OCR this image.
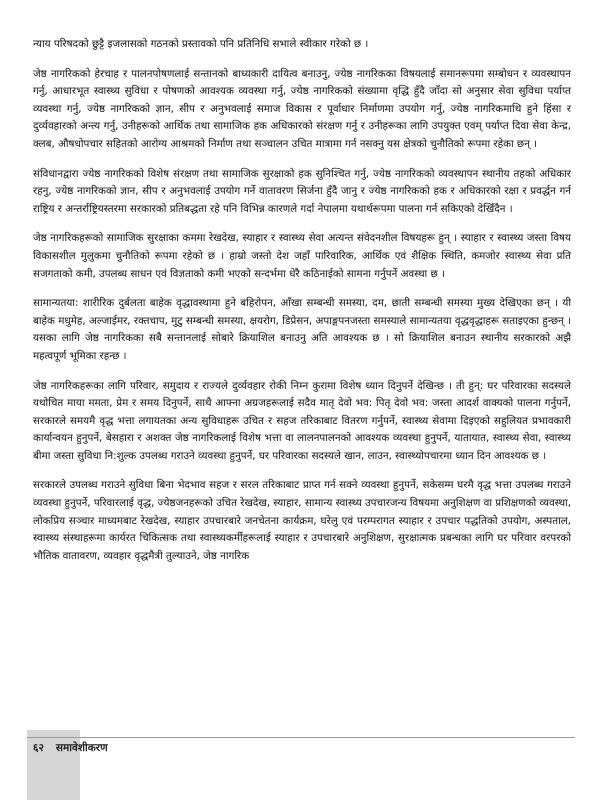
न्याय परिषदको छुट्टै इजलासको गठनको प्रस्तावको पनि प्रतिनिधि सभाले स्वीकार गरेको छ ।

जेष्ठ नागरिकको हेरचाह र पालनपोषणलाई सन्तानको बाध्यकारी दायित्व बनाउनु, ज्येष्ठ नागरिकका विषयलाई समानरूपमा सम्बोधन र व्यवस्थापन गर्नु, आधारभूत स्वास्थ्य सुविधा र पोषणको आवश्यक व्यवस्था गर्नु, ज्येष्ठ नागरिकको संख्यामा वृद्धि हुँदै जाँदा सो अनुसार सेवा सुविधा पर्याप्त व्यवस्था गर्नु, ज्येष्ठ नागरिकको ज्ञान, सीप र अनुभवलाई समाज विकास र पूर्वाधार निर्माणमा उपयोग गर्नु, ज्येष्ठ नागरिकमाथि हुने हिंसा र दुर्व्यवहारको अन्त्य गर्नु, उनीहरूको आर्थिक तथा सामाजिक हक अधिकारको संरक्षण गर्नु र उनीहरूका लागि उपयुक्त एवम् पर्याप्त दिवा सेवा केन्द्र, क्लब, औषधोपचार सहितको आरोग्य आश्रमको निर्माण तथा सञ्चालन उचित मात्रामा गर्न नसक्नु यस क्षेत्रको चुनौतिको रूपमा रहेका छन् ।

संविधानद्वारा ज्येष्ठ नागरिकको विशेष संरक्षण तथा सामाजिक सुरक्षाको हक सुनिश्चित गर्नु, ज्येष्ठ नागरिकको व्यवस्थापन स्थानीय तहको अधिकार रहनु, ज्येष्ठ नागरिकको ज्ञान, सीप र अनुभवलाई उपयोग गर्ने वातावरण सिर्जना हुँदै जानु र ज्येष्ठ नागरिकको हक र अधिकारको रक्षा र प्रवर्द्धन गर्न राष्ट्रिय र अन्तर्राष्ट्रियस्तरमा सरकारको प्रतिबद्धता रहे पनि विभिन्न कारणले गर्दा नेपालमा यथार्थरूपमा पालना गर्न सकिएको देखिँदैन ।

जेष्ठ नागरिकहरूको सामाजिक सुरक्षाका कममा रेखदेख, स्याहार र स्वास्थ्य सेवा अत्यन्त संवेदनशील विषयहरू हुन् । स्याहार र स्वास्थ्य जस्ता विषय विकासशील मुलुकमा चुनौतिको रूपमा रहेको छ । हाम्रो जस्तो देश जहाँ पारिवारिक, आर्थिक एवं शैक्षिक स्थिति, कमजोर स्वास्थ्य सेवा प्रति सजगताको कमी, उपलब्ध साधन एवं विज्ञताको कमी भएको सन्दर्भमा धेरै कठिनाईको सामना गर्नुपर्ने अवस्था छ ।

सामान्यतया: शारीरिक दुर्बलता बाहेक वृद्धावस्थामा हुने बहिरोपन, आँखा सम्बन्धी समस्या, दम, छाती सम्बन्धी समस्या मुख्य देखिएका छन् । यी बाहेक मधुमेह, अल्जाईमर, रक्तचाप, मुटु सम्बन्धी समस्या, क्षयरोग, डिप्रेसन, अपाङ्गपनजस्ता समस्याले सामान्यतया वृद्धवृद्धाहरू सताइएका हुन्छन् । यसका लागि जेष्ठ नागरिकका सबै सन्तानलाई सोबारे क्रियाशिल बनाउनु अति आवश्यक छ । सो क्रियाशिल बनाउन स्थानीय सरकारको अझै महत्वपूर्ण भूमिका रहन्छ ।

जेष्ठ नागरिकहरूका लागि परिवार, समुदाय र राज्यले दुर्व्यवहार रोकी निम्न कुरामा विशेष ध्यान दिनुपर्ने देखिन्छ । ती हुन्: घर परिवारका सदस्यले यथोचित माया ममता, प्रेम र समय दिनुपर्ने, साथै आफ्ना अग्रजहरूलाई सदैव मातृ देवो भव: पितृ देवो भव: जस्ता आदर्श वाक्यको पालना गर्नुपर्ने, सरकारले समयमै वृद्ध भत्ता लगायतका अन्य सुविधाहरू उचित र सहज तरिकाबाट वितरण गर्नुपर्ने, स्वास्थ्य सेवामा दिइएको सहुलियत प्रभावकारी कार्यान्वयन हुनुपर्ने, बेसहारा र अशक्त जेष्ठ नागरिकलाई विशेष भत्ता वा लालनपालनको आवश्यक व्यवस्था हुनुपर्ने, यातायात, स्वास्थ्य सेवा, स्वास्थ्य बीमा जस्ता सुविधा नि:शुल्क उपलब्ध गराउने व्यवस्था हुनुपर्ने, घर परिवारका सदस्यले खान, लाउन, स्वास्थ्योपचारमा ध्यान दिन आवश्यक छ ।

सरकारले उपलब्ध गराउने सुविधा बिना भेदभाव सहज र सरल तरिकाबाट प्राप्त गर्न सक्ने व्यवस्था हुनुपर्ने, सकेसम्म घरमै वृद्ध भत्ता उपलब्ध गराउने व्यवस्था हुनुपर्ने, परिवारलाई वृद्ध, ज्येष्ठजनहरूको उचित रेखदेख, स्याहार, सामान्य स्वास्थ्य उपचारजन्य विषयमा अनुशिक्षण वा प्रशिक्षणको व्यवस्था, लोकप्रिय सञ्चार माध्यमबाट रेखदेख, स्याहार उपचारबारे जनचेतना कार्यक्रम, घरेलु एवं परम्परागत स्याहार र उपचार पद्धतिको उपयोग, अस्पताल, स्वास्थ्य संस्थाहरूमा कार्यरत चिकित्सक तथा स्वास्थ्यकर्मीहरूलाई स्याहार र उपचारबारे अनुशिक्षण, सुरक्षात्मक प्रबन्धका लागि घर परिवार वरपरको भौतिक वातावरण, व्यवहार वृद्धमैत्री तुल्याउने, जेष्ठ नागरिक

६२ समावेशीकरण
